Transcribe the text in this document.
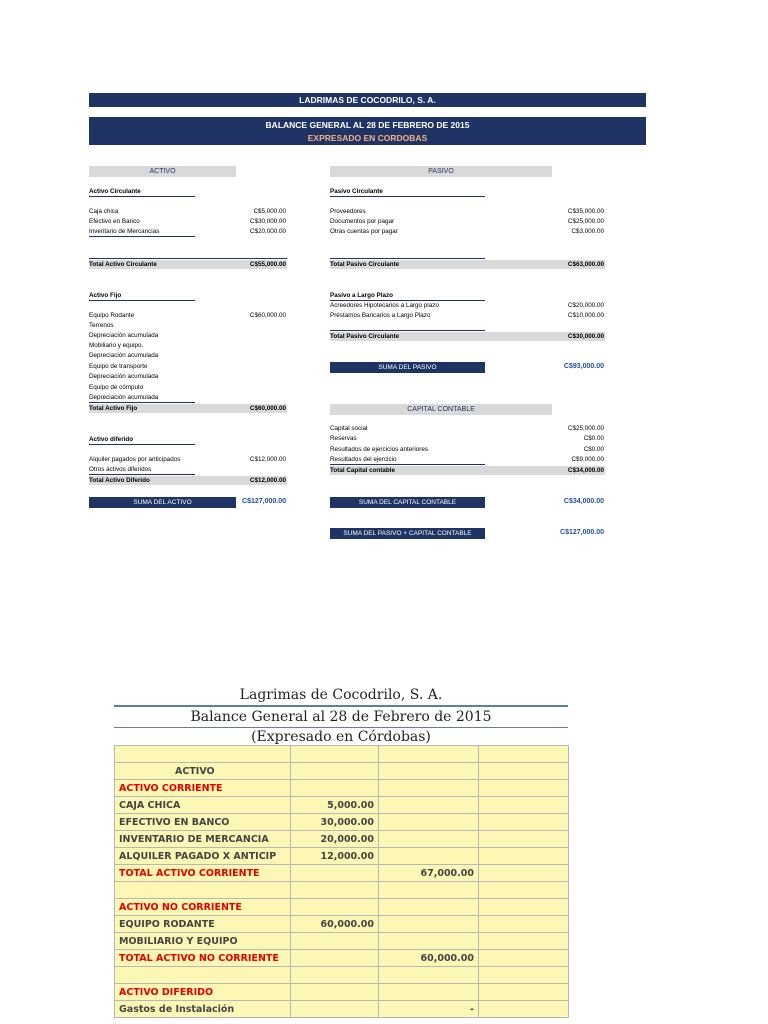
LADRIMAS DE COCODRILO, S. A.
BALANCE GENERAL AL 28 DE FEBRERO DE 2015
EXPRESADO EN CORDOBAS
ACTIVO
Activo Circulante
Caja chica	C$5,000.00
Efectivo en Banco	C$30,000.00
Inventario de Mercancias	C$20,000.00
Total Activo Circulante	C$55,000.00
Activo Fijo
Equipo Rodante	C$60,000.00
Terrenos
Depreciación acumulada
Mobiliario y equipo.
Depreciación acumulada
Equipo de transporte
Depreciación acumulada
Equipo de cómputo
Depreciación acumulada
Total Activo Fijo	C$60,000.00
Activo diferido
Alquiler pagados por anticipados	C$12,000.00
Otros activos diferidos
Total Activo Diferido	C$12,000.00
SUMA DEL ACTIVO	C$127,000.00
PASIVO
Pasivo Circulante
Proveedores	C$35,000.00
Documentos por pagar	C$25,000.00
Otras cuentas por pagar	C$3,000.00
Total Pasivo Circulante	C$63,000.00
Pasivo a Largo Plazo
Acreedores Hipotecarios a Largo plazo	C$20,000.00
Préstamos Bancarios a Largo Plazo	C$10,000.00
Total Pasivo Circulante	C$30,000.00
SUMA DEL PASIVO	C$93,000.00
CAPITAL CONTABLE
Capital social	C$25,000.00
Reservas	C$0.00
Resultados de ejercicios anteriores	C$0.00
Resultados del ejercicio	C$9,000.00
Total Capital contable	C$34,000.00
SUMA DEL CAPITAL CONTABLE	C$34,000.00
SUMA DEL PASIVO + CAPITAL CONTABLE	C$127,000.00
Lagrimas de Cocodrilo, S. A.
Balance General al 28 de Febrero de 2015
(Expresado en Córdobas)

ACTIVO			
ACTIVO CORRIENTE			
CAJA CHICA	5,000.00		
EFECTIVO EN BANCO	30,000.00		
INVENTARIO DE MERCANCIA	20,000.00		
ALQUILER PAGADO X ANTICIP	12,000.00		
TOTAL ACTIVO CORRIENTE		67,000.00	

ACTIVO NO CORRIENTE			
EQUIPO RODANTE	60,000.00		
MOBILIARIO Y EQUIPO			
TOTAL ACTIVO NO CORRIENTE		60,000.00	

ACTIVO DIFERIDO			
Gastos de Instalación		-	
